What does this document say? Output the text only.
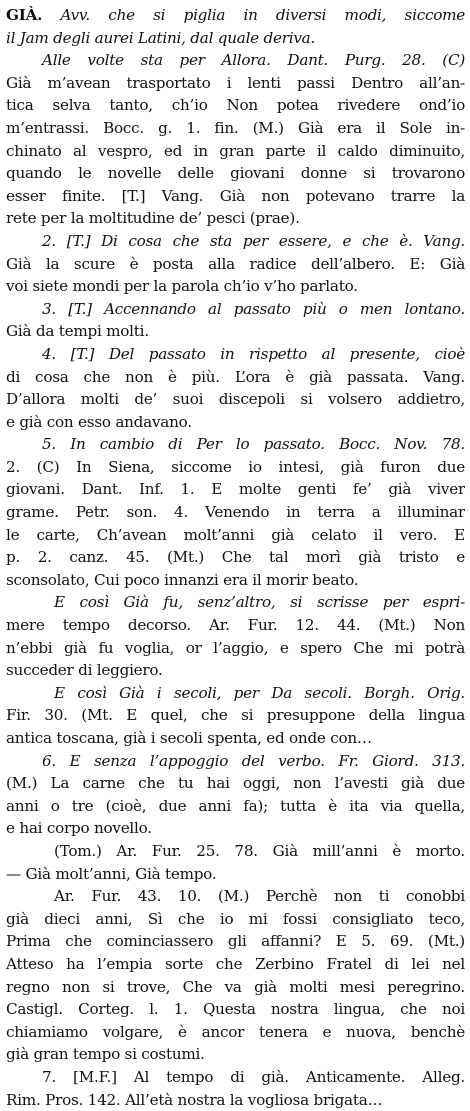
GIÀ. Avv. che si piglia in diversi modi, siccome
il Jam degli aurei Latini, dal quale deriva.
Alle volte sta per Allora. Dant. Purg. 28. (C)
Già m’avean trasportato i lenti passi Dentro all’an-
tica selva tanto, ch’io Non potea rivedere ond’io
m’entrassi. Bocc. g. 1. fin. (M.) Già era il Sole in-
chinato al vespro, ed in gran parte il caldo diminuito,
quando le novelle delle giovani donne si trovarono
esser finite. [T.] Vang. Già non potevano trarre la
rete per la moltitudine de’ pesci (prae).
2. [T.] Di cosa che sta per essere, e che è. Vang.
Già la scure è posta alla radice dell’albero. E: Già
voi siete mondi per la parola ch’io v’ho parlato.
3. [T.] Accennando al passato più o men lontano.
Già da tempi molti.
4. [T.] Del passato in rispetto al presente, cioè
di cosa che non è più. L’ora è già passata. Vang.
D’allora molti de’ suoi discepoli si volsero addietro,
e già con esso andavano.
5. In cambio di Per lo passato. Bocc. Nov. 78.
2. (C) In Siena, siccome io intesi, già furon due
giovani. Dant. Inf. 1. E molte genti fe’ già viver
grame. Petr. son. 4. Venendo in terra a illuminar
le carte, Ch’avean molt’anni già celato il vero. E
p. 2. canz. 45. (Mt.) Che tal morì già tristo e
sconsolato, Cui poco innanzi era il morir beato.
E così Già fu, senz’altro, si scrisse per espri-
mere tempo decorso. Ar. Fur. 12. 44. (Mt.) Non
n’ebbi già fu voglia, or l’aggio, e spero Che mi potrà
succeder di leggiero.
E così Già i secoli, per Da secoli. Borgh. Orig.
Fir. 30. (Mt. E quel, che si presuppone della lingua
antica toscana, già i secoli spenta, ed onde con…
6. E senza l’appoggio del verbo. Fr. Giord. 313.
(M.) La carne che tu hai oggi, non l’avesti già due
anni o tre (cioè, due anni fa); tutta è ita via quella,
e hai corpo novello.
(Tom.) Ar. Fur. 25. 78. Già mill’anni è morto.
— Già molt’anni, Già tempo.
Ar. Fur. 43. 10. (M.) Perchè non ti conobbi
già dieci anni, Sì che io mi fossi consigliato teco,
Prima che cominciassero gli affanni? E 5. 69. (Mt.)
Atteso ha l’empia sorte che Zerbino Fratel di lei nel
regno non si trove, Che va già molti mesi peregrino.
Castigl. Corteg. l. 1. Questa nostra lingua, che noi
chiamiamo volgare, è ancor tenera e nuova, benchè
già gran tempo si costumi.
7. [M.F.] Al tempo di già. Anticamente. Alleg.
Rim. Pros. 142. All’età nostra la vogliosa brigata…
